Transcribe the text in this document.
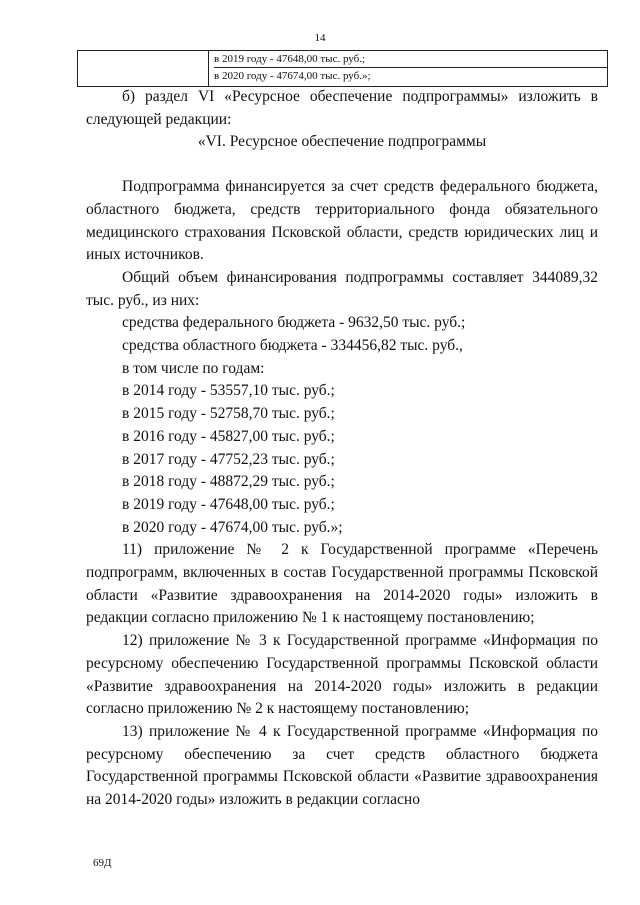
14
в 2019 году - 47648,00 тыс. руб.;
в 2020 году - 47674,00 тыс. руб.»;

б) раздел VI «Ресурсное обеспечение подпрограммы» изложить в следующей редакции:

«VI. Ресурсное обеспечение подпрограммы

Подпрограмма финансируется за счет средств федерального бюджета, областного бюджета, средств территориального фонда обязательного медицинского страхования Псковской области, средств юридических лиц и иных источников.

Общий объем финансирования подпрограммы составляет 344089,32 тыс. руб., из них:

средства федерального бюджета - 9632,50 тыс. руб.;

средства областного бюджета - 334456,82 тыс. руб.,

в том числе по годам:

в 2014 году - 53557,10 тыс. руб.;

в 2015 году - 52758,70 тыс. руб.;

в 2016 году - 45827,00 тыс. руб.;

в 2017 году - 47752,23 тыс. руб.;

в 2018 году - 48872,29 тыс. руб.;

в 2019 году - 47648,00 тыс. руб.;

в 2020 году - 47674,00 тыс. руб.»;

11) приложение № 2 к Государственной программе «Перечень подпрограмм, включенных в состав Государственной программы Псковской области «Развитие здравоохранения на 2014-2020 годы» изложить в редакции согласно приложению № 1 к настоящему постановлению;

12) приложение № 3 к Государственной программе «Информация по ресурсному обеспечению Государственной программы Псковской области «Развитие здравоохранения на 2014-2020 годы» изложить в редакции согласно приложению № 2 к настоящему постановлению;

13) приложение № 4 к Государственной программе «Информация по ресурсному обеспечению за счет средств областного бюджета Государственной программы Псковской области «Развитие здравоохранения на 2014-2020 годы» изложить в редакции согласно

69Д
